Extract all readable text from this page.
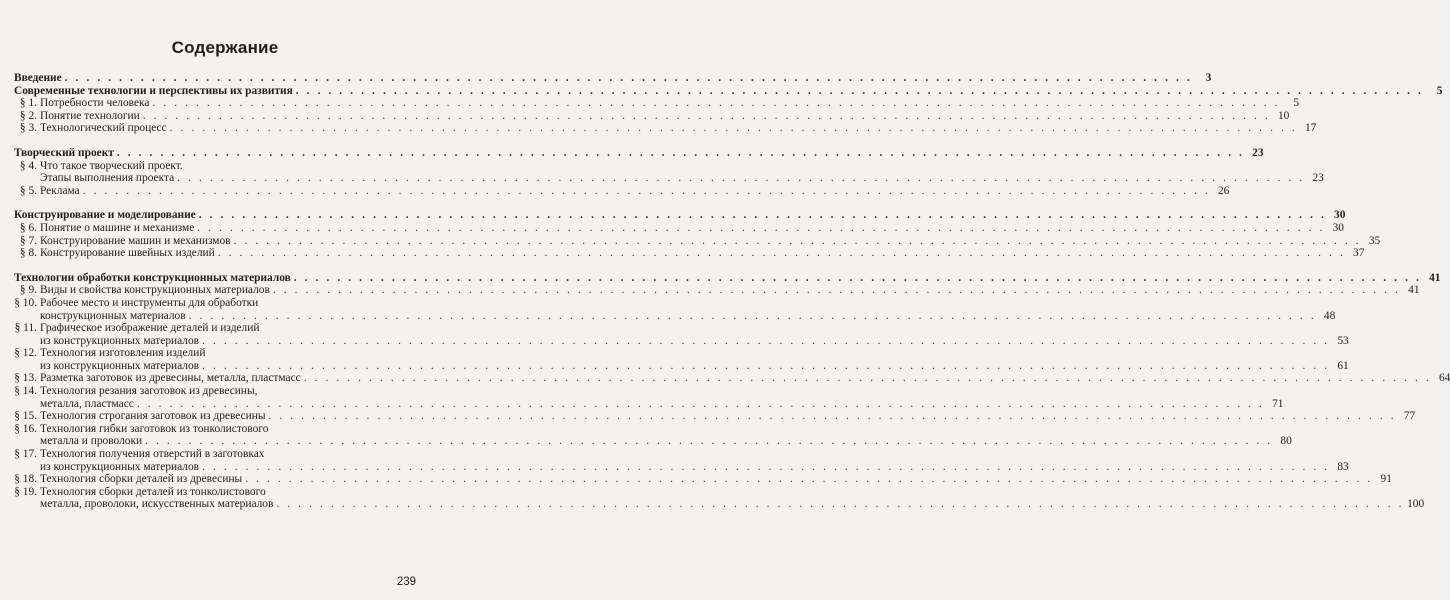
Содержание
Введение . . . . . . . . . . . . . . . . . . . . . . . . . . . . . . . . . . . . . . . . . . . . . . . . . . . . . . . . . . . . . . . . . . . . . . . . . . . . . . . . . . . . . . . . . . . . . . . . . . . . . . . .	3
Современные технологии и перспективы их развития . . . . . . . . . . . . . . . . . . . . . . . . . . . . . . . . . . . . . . . . . . . . . . . . . . . . . . . . . . . . . . . . . . . . . . . . . . . . . . . . . . . . . . . . . . . . . . . . . . . . . . . .	5
§ 1. Потребности человека . . . . . . . . . . . . . . . . . . . . . . . . . . . . . . . . . . . . . . . . . . . . . . . . . . . . . . . . . . . . . . . . . . . . . . . . . . . . . . . . . . . . . . . . . . . . . . . . . . . . . . . .	5
§ 2. Понятие технологии . . . . . . . . . . . . . . . . . . . . . . . . . . . . . . . . . . . . . . . . . . . . . . . . . . . . . . . . . . . . . . . . . . . . . . . . . . . . . . . . . . . . . . . . . . . . . . . . . . . . . . . . 10
§ 3. Технологический процесс . . . . . . . . . . . . . . . . . . . . . . . . . . . . . . . . . . . . . . . . . . . . . . . . . . . . . . . . . . . . . . . . . . . . . . . . . . . . . . . . . . . . . . . . . . . . . . . . . . . . . . . . 17
Творческий проект . . . . . . . . . . . . . . . . . . . . . . . . . . . . . . . . . . . . . . . . . . . . . . . . . . . . . . . . . . . . . . . . . . . . . . . . . . . . . . . . . . . . . . . . . . . . . . . . . . . . . . . . 23
§ 4. Что такое творческий проект.
Этапы выполнения проекта . . . . . . . . . . . . . . . . . . . . . . . . . . . . . . . . . . . . . . . . . . . . . . . . . . . . . . . . . . . . . . . . . . . . . . . . . . . . . . . . . . . . . . . . . . . . . . . . . . . . . . . . 23
§ 5. Реклама . . . . . . . . . . . . . . . . . . . . . . . . . . . . . . . . . . . . . . . . . . . . . . . . . . . . . . . . . . . . . . . . . . . . . . . . . . . . . . . . . . . . . . . . . . . . . . . . . . . . . . . . 26
Конструирование и моделирование . . . . . . . . . . . . . . . . . . . . . . . . . . . . . . . . . . . . . . . . . . . . . . . . . . . . . . . . . . . . . . . . . . . . . . . . . . . . . . . . . . . . . . . . . . . . . . . . . . . . . . . . 30
§ 6. Понятие о машине и механизме . . . . . . . . . . . . . . . . . . . . . . . . . . . . . . . . . . . . . . . . . . . . . . . . . . . . . . . . . . . . . . . . . . . . . . . . . . . . . . . . . . . . . . . . . . . . . . . . . . . . . . . . 30
§ 7. Конструирование машин и механизмов . . . . . . . . . . . . . . . . . . . . . . . . . . . . . . . . . . . . . . . . . . . . . . . . . . . . . . . . . . . . . . . . . . . . . . . . . . . . . . . . . . . . . . . . . . . . . . . . . . . . . . . . 35
§ 8. Конструирование швейных изделий . . . . . . . . . . . . . . . . . . . . . . . . . . . . . . . . . . . . . . . . . . . . . . . . . . . . . . . . . . . . . . . . . . . . . . . . . . . . . . . . . . . . . . . . . . . . . . . . . . . . . . . . 37
Технологии обработки конструкционных материалов . . . . . . . . . . . . . . . . . . . . . . . . . . . . . . . . . . . . . . . . . . . . . . . . . . . . . . . . . . . . . . . . . . . . . . . . . . . . . . . . . . . . . . . . . . . . . . . . . . . . . . . . 41
§ 9. Виды и свойства конструкционных материалов . . . . . . . . . . . . . . . . . . . . . . . . . . . . . . . . . . . . . . . . . . . . . . . . . . . . . . . . . . . . . . . . . . . . . . . . . . . . . . . . . . . . . . . . . . . . . . . . . . . . . . . . 41
§ 10. Рабочее место и инструменты для обработки
конструкционных материалов . . . . . . . . . . . . . . . . . . . . . . . . . . . . . . . . . . . . . . . . . . . . . . . . . . . . . . . . . . . . . . . . . . . . . . . . . . . . . . . . . . . . . . . . . . . . . . . . . . . . . . . . 48
§ 11. Графическое изображение деталей и изделий
из конструкционных материалов . . . . . . . . . . . . . . . . . . . . . . . . . . . . . . . . . . . . . . . . . . . . . . . . . . . . . . . . . . . . . . . . . . . . . . . . . . . . . . . . . . . . . . . . . . . . . . . . . . . . . . . . 53
§ 12. Технология изготовления изделий
из конструкционных материалов . . . . . . . . . . . . . . . . . . . . . . . . . . . . . . . . . . . . . . . . . . . . . . . . . . . . . . . . . . . . . . . . . . . . . . . . . . . . . . . . . . . . . . . . . . . . . . . . . . . . . . . . 61
§ 13. Разметка заготовок из древесины, металла, пластмасс . . . . . . . . . . . . . . . . . . . . . . . . . . . . . . . . . . . . . . . . . . . . . . . . . . . . . . . . . . . . . . . . . . . . . . . . . . . . . . . . . . . . . . . . . . . . . . . . . . . . . . . . 64
§ 14. Технология резания заготовок из древесины,
металла, пластмасс . . . . . . . . . . . . . . . . . . . . . . . . . . . . . . . . . . . . . . . . . . . . . . . . . . . . . . . . . . . . . . . . . . . . . . . . . . . . . . . . . . . . . . . . . . . . . . . . . . . . . . . . 71
§ 15. Технология строгания заготовок из древесины . . . . . . . . . . . . . . . . . . . . . . . . . . . . . . . . . . . . . . . . . . . . . . . . . . . . . . . . . . . . . . . . . . . . . . . . . . . . . . . . . . . . . . . . . . . . . . . . . . . . . . . . 77
§ 16. Технология гибки заготовок из тонколистового
металла и проволоки . . . . . . . . . . . . . . . . . . . . . . . . . . . . . . . . . . . . . . . . . . . . . . . . . . . . . . . . . . . . . . . . . . . . . . . . . . . . . . . . . . . . . . . . . . . . . . . . . . . . . . . . 80
§ 17. Технология получения отверстий в заготовках
из конструкционных материалов . . . . . . . . . . . . . . . . . . . . . . . . . . . . . . . . . . . . . . . . . . . . . . . . . . . . . . . . . . . . . . . . . . . . . . . . . . . . . . . . . . . . . . . . . . . . . . . . . . . . . . . . 83
§ 18. Технология сборки деталей из древесины . . . . . . . . . . . . . . . . . . . . . . . . . . . . . . . . . . . . . . . . . . . . . . . . . . . . . . . . . . . . . . . . . . . . . . . . . . . . . . . . . . . . . . . . . . . . . . . . . . . . . . . . 91
§ 19. Технология сборки деталей из тонколистового
металла, проволоки, искусственных материалов . . . . . . . . . . . . . . . . . . . . . . . . . . . . . . . . . . . . . . . . . . . . . . . . . . . . . . . . . . . . . . . . . . . . . . . . . . . . . . . . . . . . . . . . . . . . . . . . . . . . . . . . 100
239
